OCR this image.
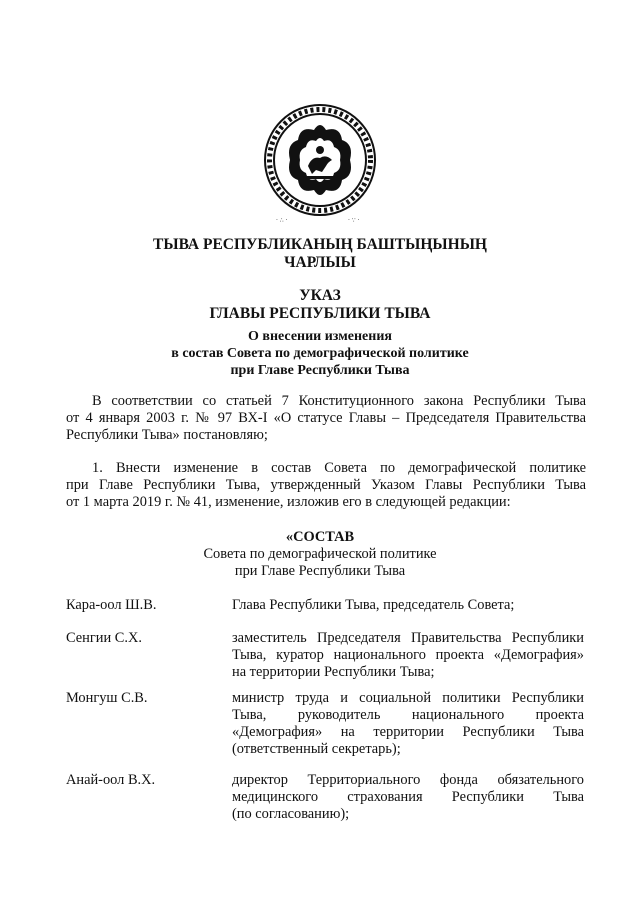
· ∴ ·	· ∵ ·
ТЫВА РЕСПУБЛИКАНЫҢ БАШТЫҢЫНЫҢ
ЧАРЛЫЫ
УКАЗ
ГЛАВЫ РЕСПУБЛИКИ ТЫВА
О внесении изменения
в состав Совета по демографической политике
при Главе Республики Тыва
В соответствии со статьей 7 Конституционного закона Республики Тыва
от 4 января 2003 г. № 97 ВХ-I «О статусе Главы – Председателя Правительства
Республики Тыва» постановляю;
1. Внести изменение в состав Совета по демографической политике
при Главе Республики Тыва, утвержденный Указом Главы Республики Тыва
от 1 марта 2019 г. № 41, изменение, изложив его в следующей редакции:
«СОСТАВ
Совета по демографической политике
при Главе Республики Тыва
Кара-оол Ш.В.	Глава Республики Тыва, председатель Совета;
Сенгии С.Х.	заместитель Председателя Правительства Республики
Тыва, куратор национального проекта «Демография»
на территории Республики Тыва;
Монгуш С.В.	министр труда и социальной политики Республики
Тыва, руководитель национального проекта
«Демография» на территории Республики Тыва
(ответственный секретарь);
Анай-оол В.Х.	директор Территориального фонда обязательного
медицинского страхования Республики Тыва
(по согласованию);
